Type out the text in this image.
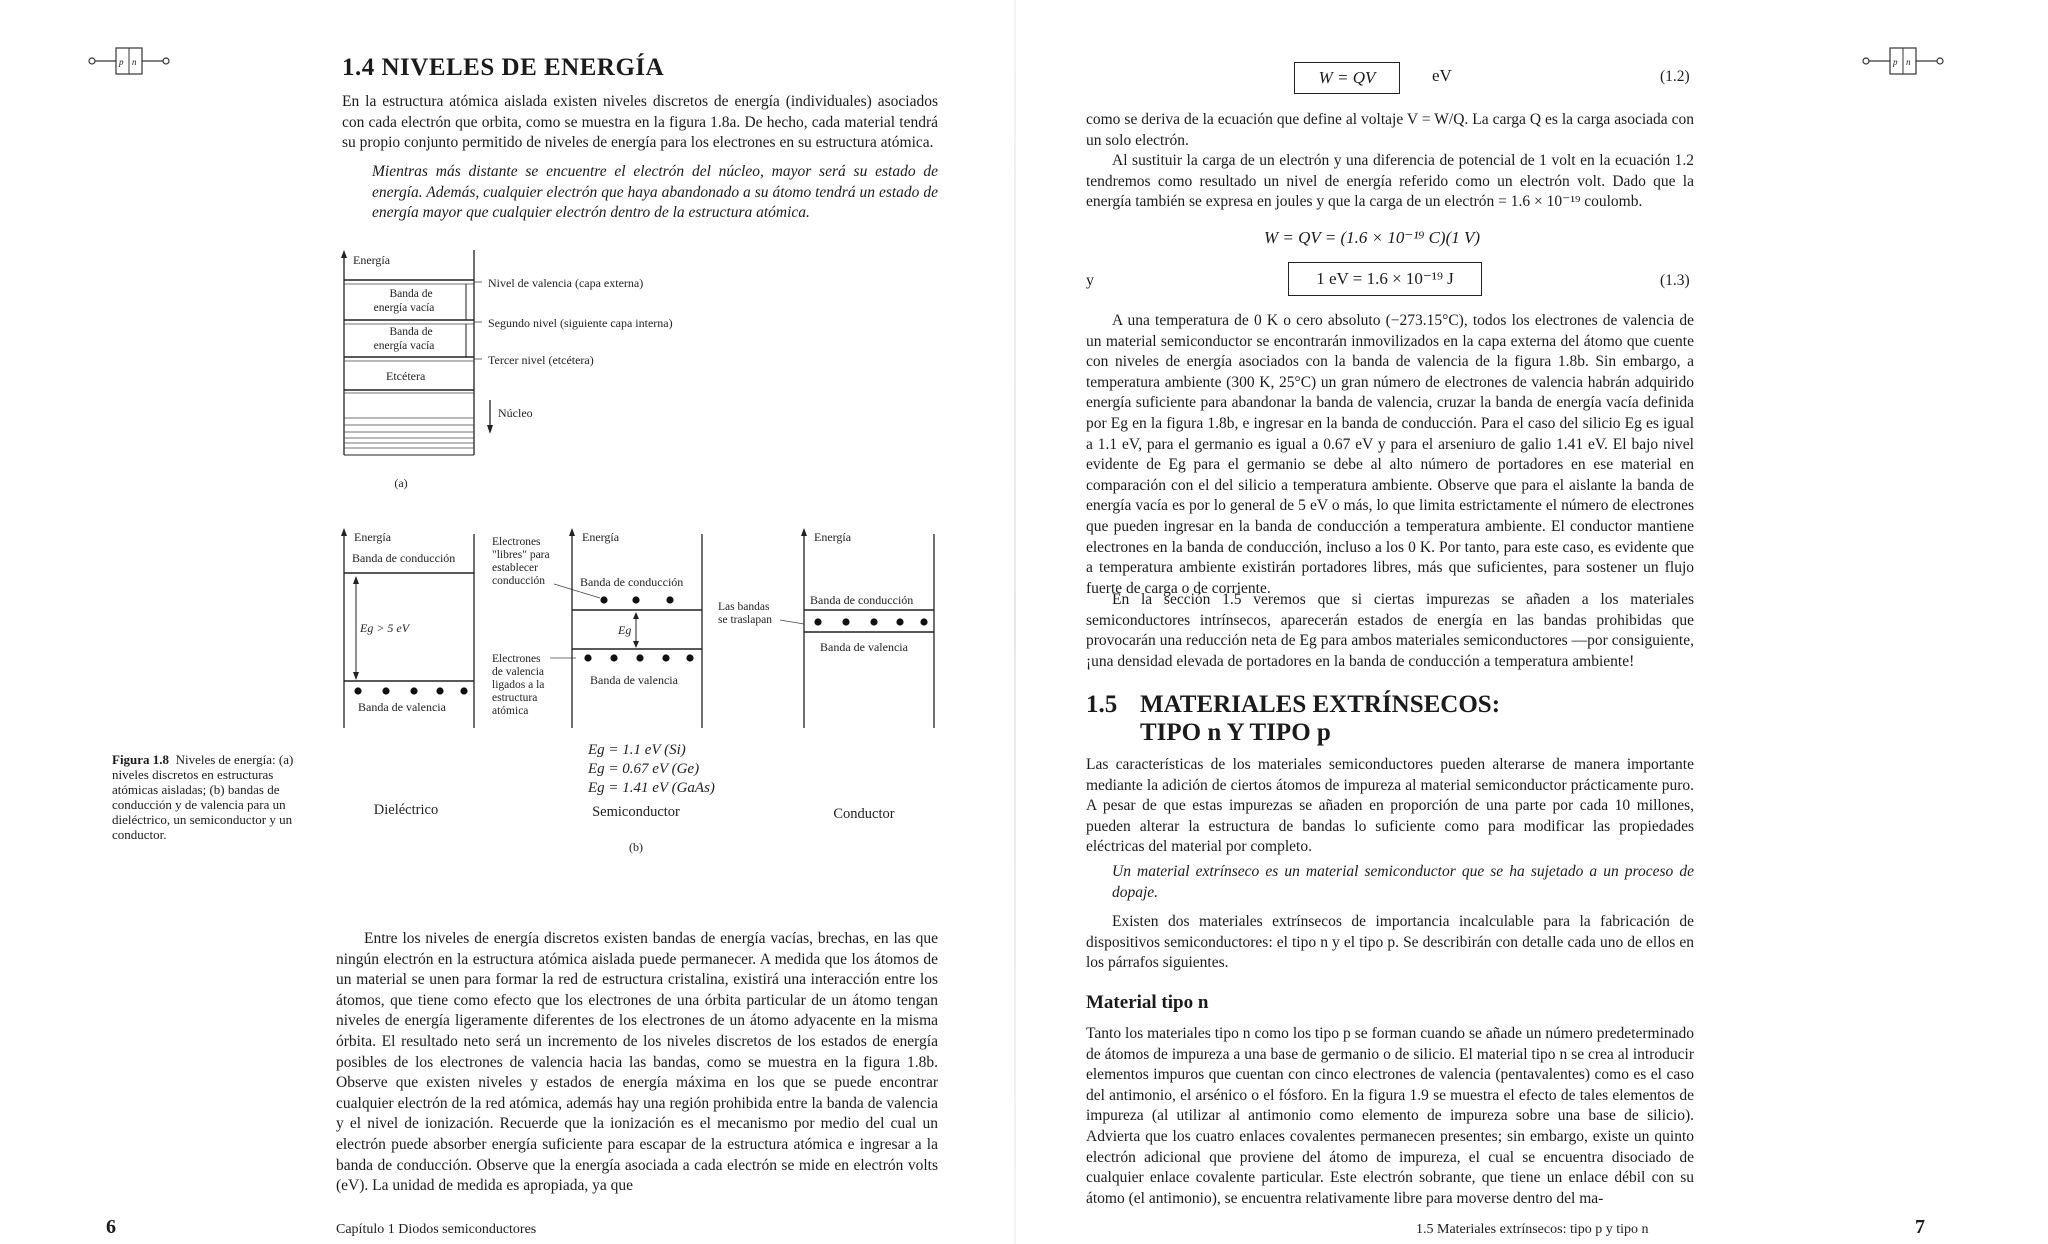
p n	1.4 NIVELES DE ENERGÍA

En la estructura atómica aislada existen niveles discretos de energía (individuales) asociados con cada electrón que orbita, como se muestra en la figura 1.8a. De hecho, cada material tendrá su propio conjunto permitido de niveles de energía para los electrones en su estructura atómica.

Mientras más distante se encuentre el electrón del núcleo, mayor será su estado de energía. Además, cualquier electrón que haya abandonado a su átomo tendrá un estado de energía mayor que cualquier electrón dentro de la estructura atómica.

Energía
Banda de
energía vacía
Banda de
energía vacía
Etcétera
Nivel de valencia (capa externa)
Segundo nivel (siguiente capa interna)
Tercer nivel (etcétera)
Núcleo
(a)
Energía
Banda de conducción
Eg > 5 eV
Banda de valencia
Dieléctrico
Electrones
"libres" para
establecer
conducción
Electrones
de valencia
ligados a la
estructura
atómica
Energía
Banda de conducción
Eg
Banda de valencia
Eg = 1.1 eV (Si)
Eg = 0.67 eV (Ge)
Eg = 1.41 eV (GaAs)
Semiconductor
Las bandas
se traslapan
Energía
Banda de conducción
Banda de valencia
Conductor
(b)
Figura 1.8 Niveles de energía: (a) niveles discretos en estructuras atómicas aisladas; (b) bandas de conducción y de valencia para un dieléctrico, un semiconductor y un conductor.

Entre los niveles de energía discretos existen bandas de energía vacías, brechas, en las que ningún electrón en la estructura atómica aislada puede permanecer. A medida que los átomos de un material se unen para formar la red de estructura cristalina, existirá una interacción entre los átomos, que tiene como efecto que los electrones de una órbita particular de un átomo tengan niveles de energía ligeramente diferentes de los electrones de un átomo adyacente en la misma órbita. El resultado neto será un incremento de los niveles discretos de los estados de energía posibles de los electrones de valencia hacia las bandas, como se muestra en la figura 1.8b. Observe que existen niveles y estados de energía máxima en los que se puede encontrar cualquier electrón de la red atómica, además hay una región prohibida entre la banda de valencia y el nivel de ionización. Recuerde que la ionización es el mecanismo por medio del cual un electrón puede absorber energía suficiente para escapar de la estructura atómica e ingresar a la banda de conducción. Observe que la energía asociada a cada electrón se mide en electrón volts (eV). La unidad de medida es apropiada, ya que

6	Capítulo 1 Diodos semiconductores
p n
W = QV	eV	(1.2)

como se deriva de la ecuación que define al voltaje V = W/Q. La carga Q es la carga asociada con un solo electrón.

Al sustituir la carga de un electrón y una diferencia de potencial de 1 volt en la ecuación 1.2 tendremos como resultado un nivel de energía referido como un electrón volt. Dado que la energía también se expresa en joules y que la carga de un electrón = 1.6 × 10⁻¹⁹ coulomb.

W = QV = (1.6 × 10⁻¹⁹ C)(1 V)
y	1 eV = 1.6 × 10⁻¹⁹ J	(1.3)

A una temperatura de 0 K o cero absoluto (−273.15°C), todos los electrones de valencia de un material semiconductor se encontrarán inmovilizados en la capa externa del átomo que cuente con niveles de energía asociados con la banda de valencia de la figura 1.8b. Sin embargo, a temperatura ambiente (300 K, 25°C) un gran número de electrones de valencia habrán adquirido energía suficiente para abandonar la banda de valencia, cruzar la banda de energía vacía definida por Eg en la figura 1.8b, e ingresar en la banda de conducción. Para el caso del silicio Eg es igual a 1.1 eV, para el germanio es igual a 0.67 eV y para el arseniuro de galio 1.41 eV. El bajo nivel evidente de Eg para el germanio se debe al alto número de portadores en ese material en comparación con el del silicio a temperatura ambiente. Observe que para el aislante la banda de energía vacía es por lo general de 5 eV o más, lo que limita estrictamente el número de electrones que pueden ingresar en la banda de conducción a temperatura ambiente. El conductor mantiene electrones en la banda de conducción, incluso a los 0 K. Por tanto, para este caso, es evidente que a temperatura ambiente existirán portadores libres, más que suficientes, para sostener un flujo fuerte de carga o de corriente.

En la sección 1.5 veremos que si ciertas impurezas se añaden a los materiales semiconductores intrínsecos, aparecerán estados de energía en las bandas prohibidas que provocarán una reducción neta de Eg para ambos materiales semiconductores —por consiguiente, ¡una densidad elevada de portadores en la banda de conducción a temperatura ambiente!

1.5 MATERIALES EXTRÍNSECOS:
TIPO n Y TIPO p

Las características de los materiales semiconductores pueden alterarse de manera importante mediante la adición de ciertos átomos de impureza al material semiconductor prácticamente puro. A pesar de que estas impurezas se añaden en proporción de una parte por cada 10 millones, pueden alterar la estructura de bandas lo suficiente como para modificar las propiedades eléctricas del material por completo.

Un material extrínseco es un material semiconductor que se ha sujetado a un proceso de dopaje.

Existen dos materiales extrínsecos de importancia incalculable para la fabricación de dispositivos semiconductores: el tipo n y el tipo p. Se describirán con detalle cada uno de ellos en los párrafos siguientes.

Material tipo n

Tanto los materiales tipo n como los tipo p se forman cuando se añade un número predeterminado de átomos de impureza a una base de germanio o de silicio. El material tipo n se crea al introducir elementos impuros que cuentan con cinco electrones de valencia (pentavalentes) como es el caso del antimonio, el arsénico o el fósforo. En la figura 1.9 se muestra el efecto de tales elementos de impureza (al utilizar al antimonio como elemento de impureza sobre una base de silicio). Advierta que los cuatro enlaces covalentes permanecen presentes; sin embargo, existe un quinto electrón adicional que proviene del átomo de impureza, el cual se encuentra disociado de cualquier enlace covalente particular. Este electrón sobrante, que tiene un enlace débil con su átomo (el antimonio), se encuentra relativamente libre para moverse dentro del ma-

1.5 Materiales extrínsecos: tipo p y tipo n	7
